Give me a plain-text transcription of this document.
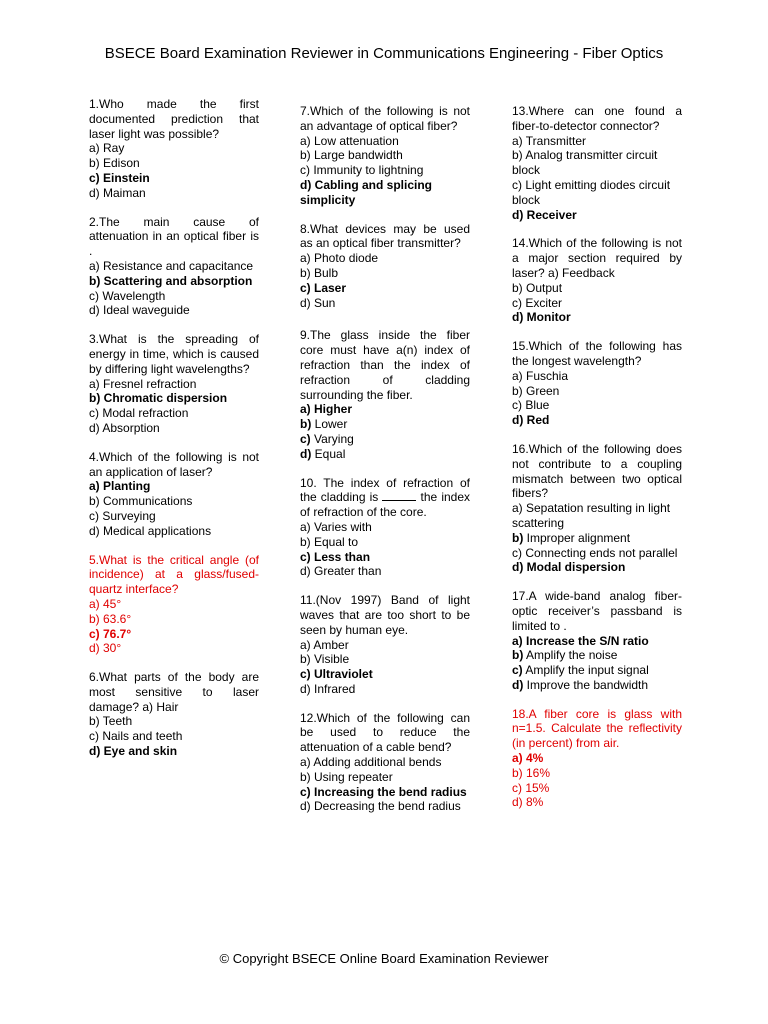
BSECE Board Examination Reviewer in Communications Engineering - Fiber Optics
1.Who made the first documented prediction that laser light was possible?
a) Ray
b) Edison
c) Einstein
d) Maiman
2.The main cause of attenuation in an optical fiber is .
a) Resistance and capacitance
b) Scattering and absorption
c) Wavelength
d) Ideal waveguide
3.What is the spreading of energy in time, which is caused by differing light wavelengths?
a) Fresnel refraction
b) Chromatic dispersion
c) Modal refraction
d) Absorption
4.Which of the following is not an application of laser?
a) Planting
b) Communications
c) Surveying
d) Medical applications
5.What is the critical angle (of incidence) at a glass/fused-quartz interface?
a) 45°
b) 63.6°
c) 76.7°
d) 30°
6.What parts of the body are most sensitive to laser damage? a) Hair
b) Teeth
c) Nails and teeth
d) Eye and skin
7.Which of the following is not an advantage of optical fiber?
a) Low attenuation
b) Large bandwidth
c) Immunity to lightning
d) Cabling and splicing simplicity
8.What devices may be used as an optical fiber transmitter?
a) Photo diode
b) Bulb
c) Laser
d) Sun
9.The glass inside the fiber core must have a(n) index of refraction than the index of refraction of cladding surrounding the fiber.
a) Higher
b) Lower
c) Varying
d) Equal
10. The index of refraction of the cladding is	the index of refraction of the core.
a) Varies with
b) Equal to
c) Less than
d) Greater than
11.(Nov 1997) Band of light waves that are too short to be seen by human eye.
a) Amber
b) Visible
c) Ultraviolet
d) Infrared
12.Which of the following can be used to reduce the attenuation of a cable bend?
a) Adding additional bends
b) Using repeater
c) Increasing the bend radius
d) Decreasing the bend radius
13.Where can one found a fiber-to-detector connector?
a) Transmitter
b) Analog transmitter circuit block
c) Light emitting diodes circuit block
d) Receiver
14.Which of the following is not a major section required by laser? a) Feedback
b) Output
c) Exciter
d) Monitor
15.Which of the following has the longest wavelength?
a) Fuschia
b) Green
c) Blue
d) Red
16.Which of the following does not contribute to a coupling mismatch between two optical fibers?
a) Sepatation resulting in light scattering
b) Improper alignment
c) Connecting ends not parallel
d) Modal dispersion
17.A wide-band analog fiber-optic receiver’s passband is limited to .
a) Increase the S/N ratio
b) Amplify the noise
c) Amplify the input signal
d) Improve the bandwidth
18.A fiber core is glass with n=1.5. Calculate the reflectivity (in percent) from air.
a) 4%
b) 16%
c) 15%
d) 8%
© Copyright BSECE Online Board Examination Reviewer
